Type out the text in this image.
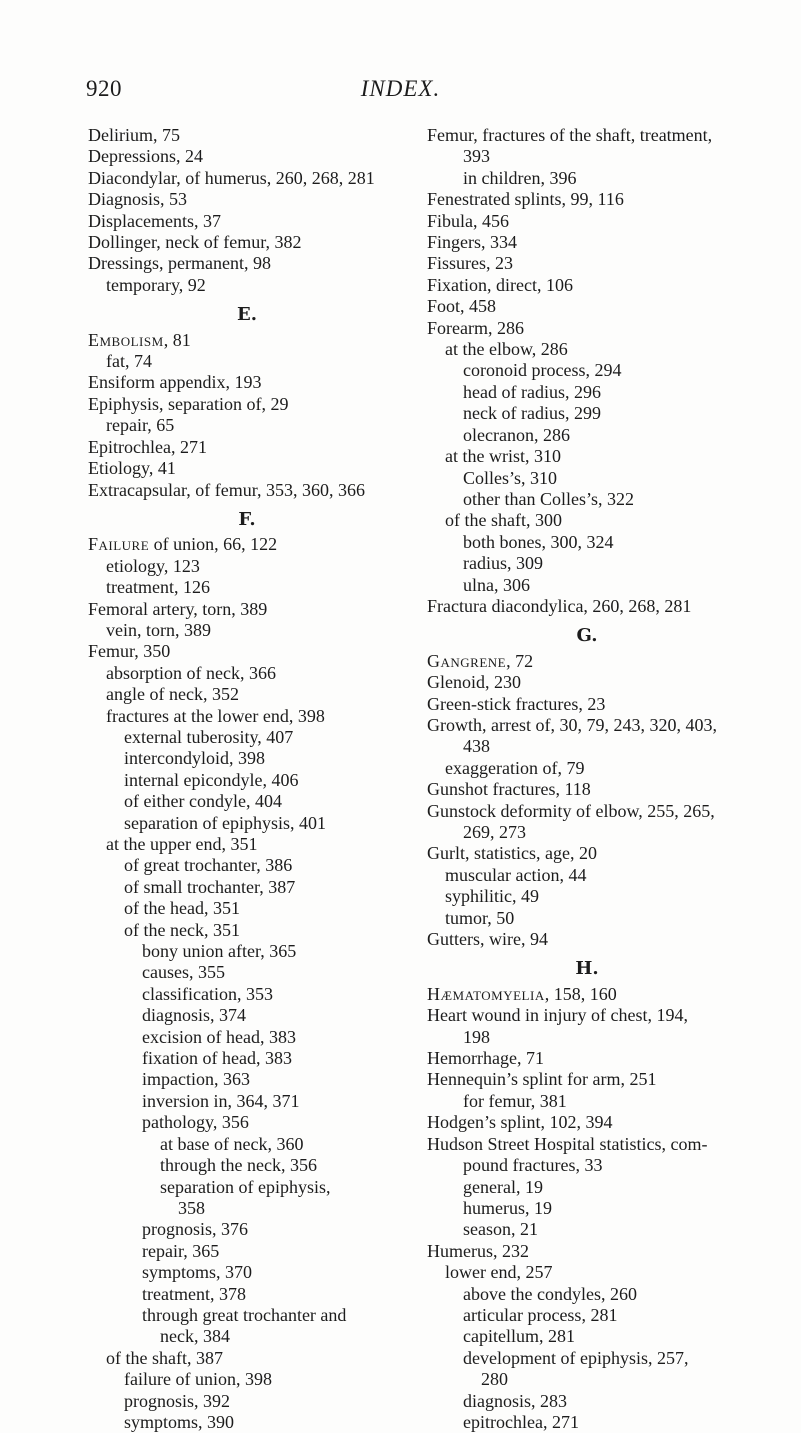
920	INDEX.
Delirium, 75
Depressions, 24
Diacondylar, of humerus, 260, 268, 281
Diagnosis, 53
Displacements, 37
Dollinger, neck of femur, 382
Dressings, permanent, 98
temporary, 92
E.
Embolism, 81
fat, 74
Ensiform appendix, 193
Epiphysis, separation of, 29
repair, 65
Epitrochlea, 271
Etiology, 41
Extracapsular, of femur, 353, 360, 366
F.
Failure of union, 66, 122
etiology, 123
treatment, 126
Femoral artery, torn, 389
vein, torn, 389
Femur, 350
absorption of neck, 366
angle of neck, 352
fractures at the lower end, 398
external tuberosity, 407
intercondyloid, 398
internal epicondyle, 406
of either condyle, 404
separation of epiphysis, 401
at the upper end, 351
of great trochanter, 386
of small trochanter, 387
of the head, 351
of the neck, 351
bony union after, 365
causes, 355
classification, 353
diagnosis, 374
excision of head, 383
fixation of head, 383
impaction, 363
inversion in, 364, 371
pathology, 356
at base of neck, 360
through the neck, 356
separation of epiphysis,
358
prognosis, 376
repair, 365
symptoms, 370
treatment, 378
through great trochanter and
neck, 384
of the shaft, 387
failure of union, 398
prognosis, 392
symptoms, 390
Femur, fractures of the shaft, treatment,
393
in children, 396
Fenestrated splints, 99, 116
Fibula, 456
Fingers, 334
Fissures, 23
Fixation, direct, 106
Foot, 458
Forearm, 286
at the elbow, 286
coronoid process, 294
head of radius, 296
neck of radius, 299
olecranon, 286
at the wrist, 310
Colles’s, 310
other than Colles’s, 322
of the shaft, 300
both bones, 300, 324
radius, 309
ulna, 306
Fractura diacondylica, 260, 268, 281
G.
Gangrene, 72
Glenoid, 230
Green-stick fractures, 23
Growth, arrest of, 30, 79, 243, 320, 403,
438
exaggeration of, 79
Gunshot fractures, 118
Gunstock deformity of elbow, 255, 265,
269, 273
Gurlt, statistics, age, 20
muscular action, 44
syphilitic, 49
tumor, 50
Gutters, wire, 94
H.
Hæmatomyelia, 158, 160
Heart wound in injury of chest, 194,
198
Hemorrhage, 71
Hennequin’s splint for arm, 251
for femur, 381
Hodgen’s splint, 102, 394
Hudson Street Hospital statistics, com-
pound fractures, 33
general, 19
humerus, 19
season, 21
Humerus, 232
lower end, 257
above the condyles, 260
articular process, 281
capitellum, 281
development of epiphysis, 257,
280
diagnosis, 283
epitrochlea, 271
